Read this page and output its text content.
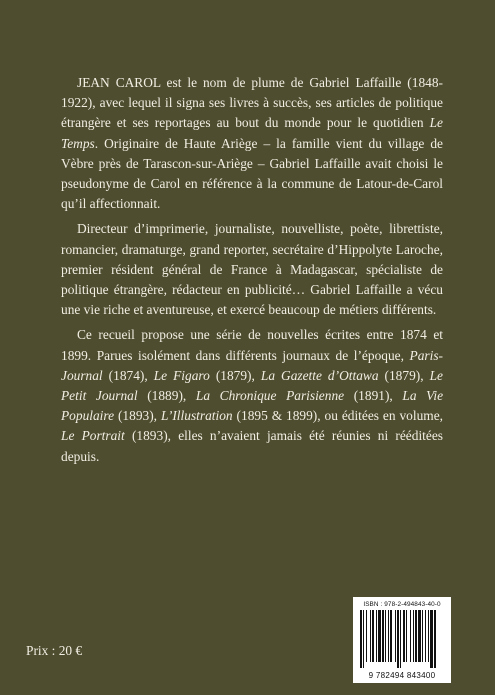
JEAN CAROL est le nom de plume de Gabriel Laffaille (1848-1922), avec lequel il signa ses livres à succès, ses articles de politique étrangère et ses reportages au bout du monde pour le quotidien Le Temps. Originaire de Haute Ariège – la famille vient du village de Vèbre près de Tarascon-sur-Ariège – Gabriel Laffaille avait choisi le pseudonyme de Carol en référence à la commune de Latour-de-Carol qu’il affectionnait.

Directeur d’imprimerie, journaliste, nouvelliste, poète, librettiste, romancier, dramaturge, grand reporter, secrétaire d’Hippolyte Laroche, premier résident général de France à Madagascar, spécialiste de politique étrangère, rédacteur en publicité… Gabriel Laffaille a vécu une vie riche et aventureuse, et exercé beaucoup de métiers différents.

Ce recueil propose une série de nouvelles écrites entre 1874 et 1899. Parues isolément dans différents journaux de l’époque, Paris-Journal (1874), Le Figaro (1879), La Gazette d’Ottawa (1879), Le Petit Journal (1889), La Chronique Parisienne (1891), La Vie Populaire (1893), L’Illustration (1895 & 1899), ou éditées en volume, Le Portrait (1893), elles n’avaient jamais été réunies ni rééditées depuis.

ISBN : 978-2-494843-40-0
9 782494 843400
Prix : 20 €
